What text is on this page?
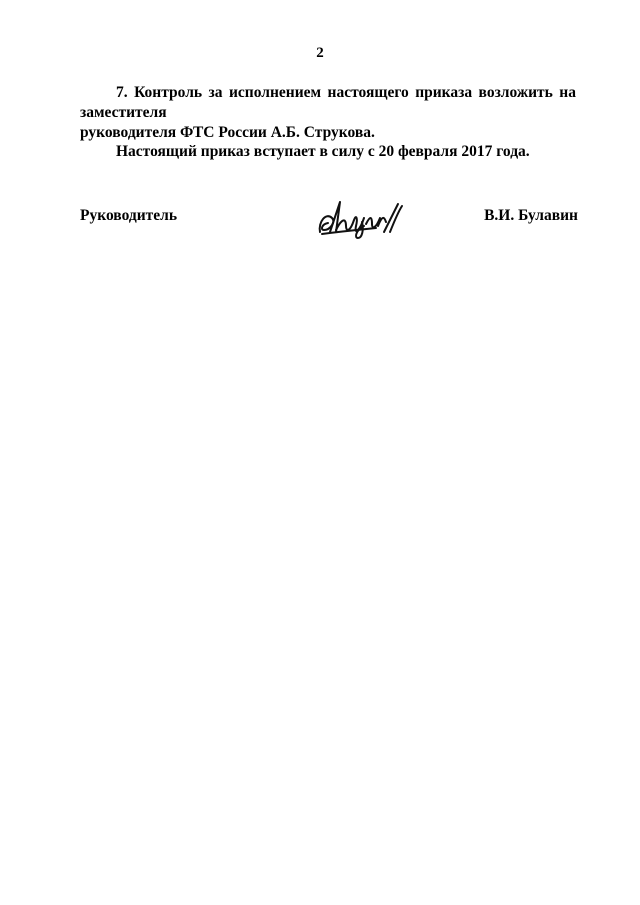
2
7. Контроль за исполнением настоящего приказа возложить на заместителя
руководителя ФТС России А.Б. Струкова.
Настоящий приказ вступает в силу с 20 февраля 2017 года.
Руководитель	В.И. Булавин
